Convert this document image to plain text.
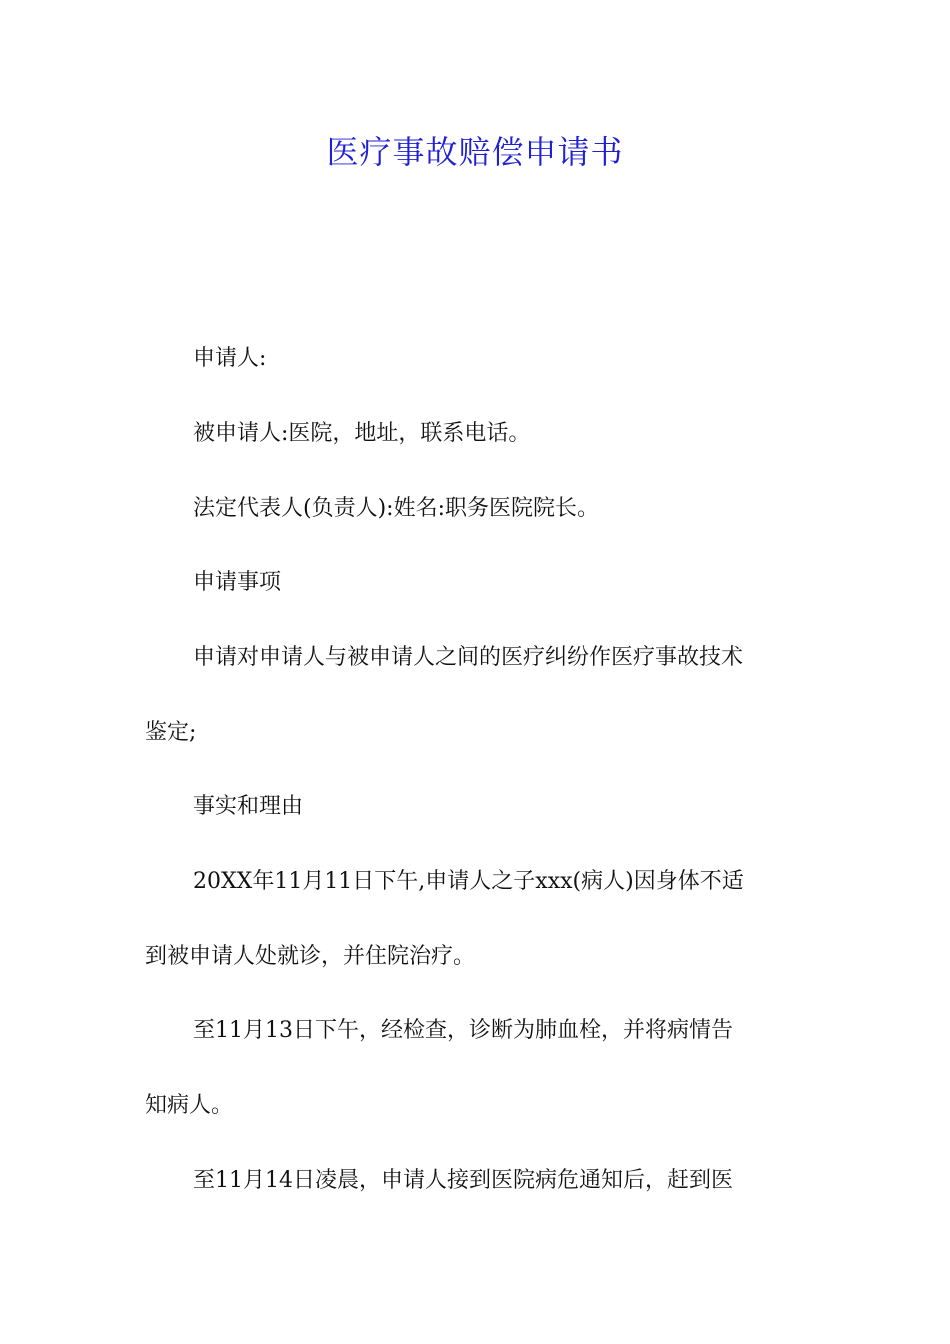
医疗事故赔偿申请书

申请人:

被申请人:医院，地址，联系电话。

法定代表人(负责人):姓名:职务医院院长。

申请事项

申请对申请人与被申请人之间的医疗纠纷作医疗事故技术

鉴定;

事实和理由

20XX年11月11日下午,申请人之子xxx(病人)因身体不适

到被申请人处就诊，并住院治疗。

至11月13日下午，经检查，诊断为肺血栓，并将病情告

知病人。

至11月14日凌晨，申请人接到医院病危通知后，赶到医
